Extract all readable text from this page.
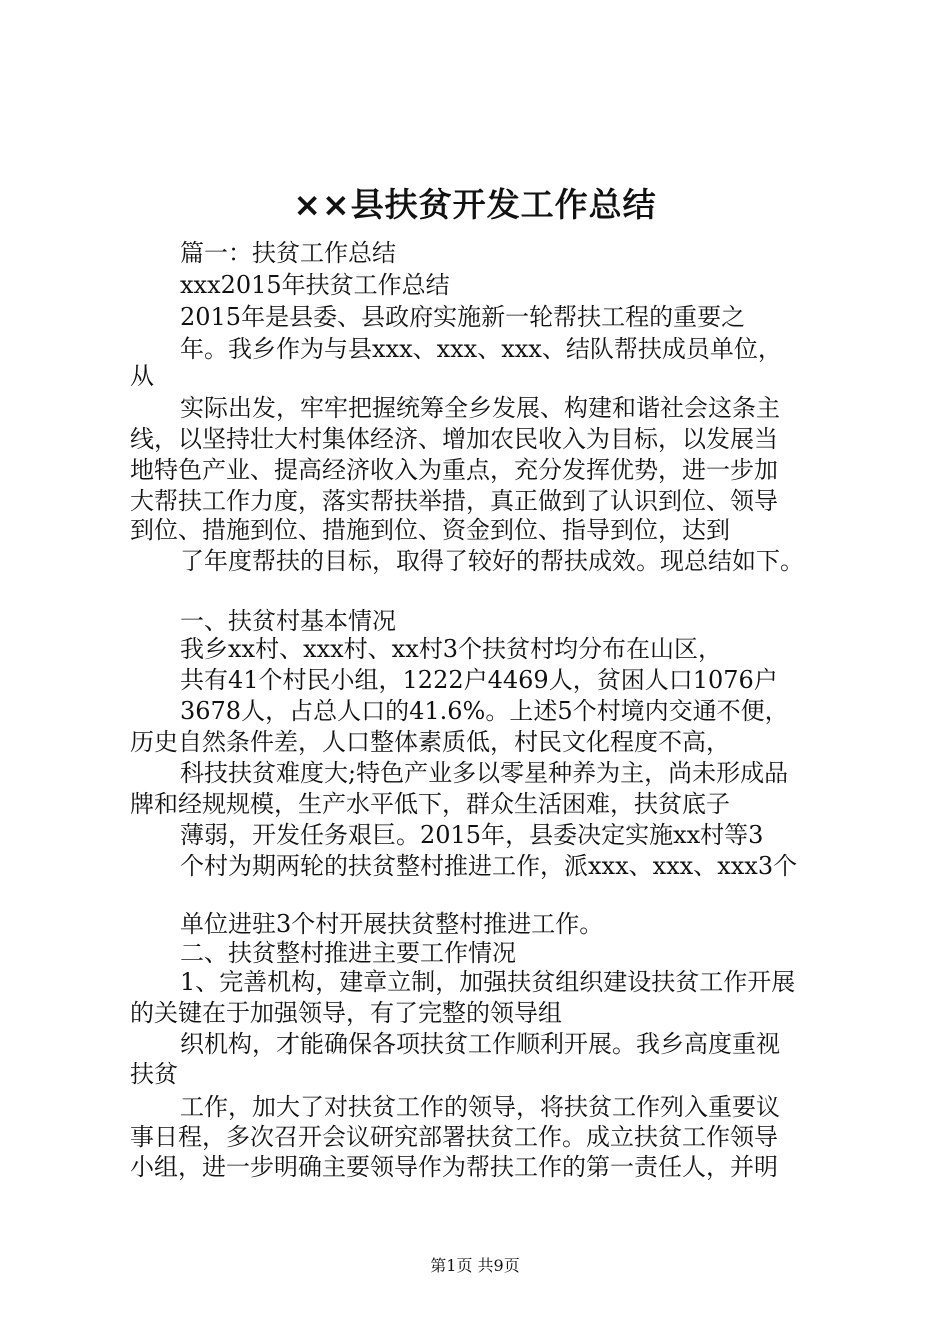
××县扶贫开发工作总结
篇一：扶贫工作总结
xxx2015年扶贫工作总结
2015年是县委、县政府实施新一轮帮扶工程的重要之
年。我乡作为与县xxx、xxx、xxx、结队帮扶成员单位，
从
实际出发，牢牢把握统筹全乡发展、构建和谐社会这条主
线，以坚持壮大村集体经济、增加农民收入为目标，以发展当
地特色产业、提高经济收入为重点，充分发挥优势，进一步加
大帮扶工作力度，落实帮扶举措，真正做到了认识到位、领导
到位、措施到位、措施到位、资金到位、指导到位，达到
了年度帮扶的目标，取得了较好的帮扶成效。现总结如下。
一、扶贫村基本情况
我乡xx村、xxx村、xx村3个扶贫村均分布在山区，
共有41个村民小组，1222户4469人，贫困人口1076户
3678人，占总人口的41.6%。上述5个村境内交通不便，
历史自然条件差，人口整体素质低，村民文化程度不高，
科技扶贫难度大;特色产业多以零星种养为主，尚未形成品
牌和经规规模，生产水平低下，群众生活困难，扶贫底子
薄弱，开发任务艰巨。2015年，县委决定实施xx村等3
个村为期两轮的扶贫整村推进工作，派xxx、xxx、xxx3个
单位进驻3个村开展扶贫整村推进工作。
二、扶贫整村推进主要工作情况
1、完善机构，建章立制，加强扶贫组织建设扶贫工作开展
的关键在于加强领导，有了完整的领导组
织机构，才能确保各项扶贫工作顺利开展。我乡高度重视
扶贫
工作，加大了对扶贫工作的领导，将扶贫工作列入重要议
事日程，多次召开会议研究部署扶贫工作。成立扶贫工作领导
小组，进一步明确主要领导作为帮扶工作的第一责任人，并明
第1页 共9页
